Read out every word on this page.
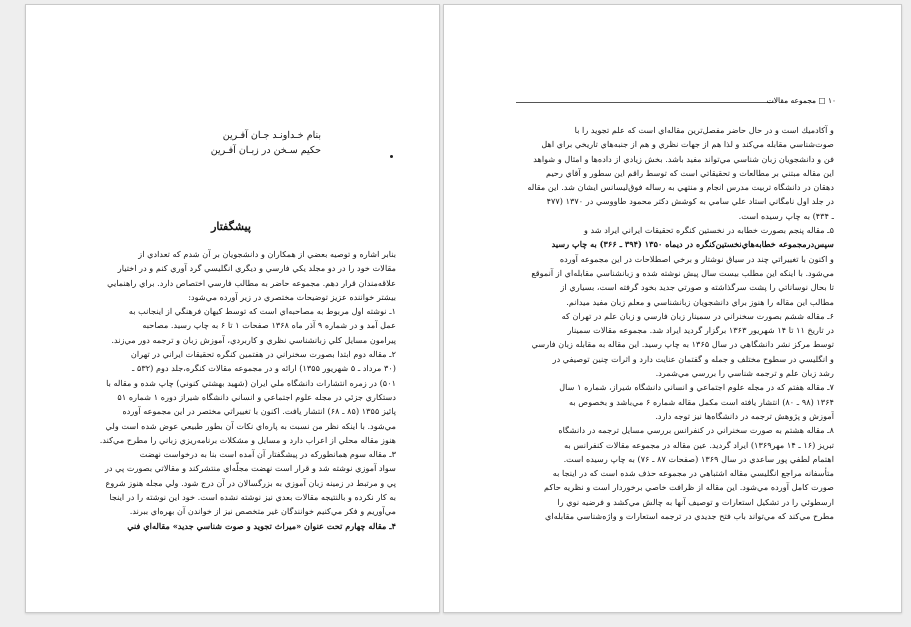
بنام خـداونـد جـان آفـرين
حكيم سـخن در زبـان آفـرين
پيشگفتار
بنابر اشاره و توصيه بعضي از همكاران و دانشجويان بر آن شدم كه تعدادي از
مقالات خود را در دو مجلد يكي فارسي و ديگري انگليسي گرد آوري كنم و در اختيار
علاقه‌مندان قرار دهم. مجموعه حاضر به مطالب فارسي اختصاص دارد. براي راهنمايي
بيشتر خواننده عزيز توضيحات مختصري در زير آورده مي‌شود:
۱ـ نوشته اول مربوط به مصاحبه‌اي است كه توسط كيهان فرهنگي از اينجانب به
عمل آمد و در شماره ۹ آذر ماه ۱۳۶۸ صفحات ۱ تا ۶ به چاپ رسيد. مصاحبه
پيرامون مسايل كلي زبانشناسي نظري و كاربردي، آموزش زبان و ترجمه دور مي‌زند.
۲ـ مقاله دوم ابتدا بصورت سخنراني در هفتمين كنگره تحقيقات ايراني در تهران
(۳۰ مرداد ـ ۵ شهريور ۱۳۵۵) ارائه و در مجموعه مقالات كنگره،جلد دوم (۵۳۲ ـ
۵۰۱) در زمره انتشارات دانشگاه ملي ايران (شهيد بهشتي كنوني) چاپ شده و مقاله با
دستكاري جزئي در مجله علوم اجتماعي و انساني دانشگاه شيراز دوره ۱ شماره ۵۱
پائيز ۱۳۵۵ (۸۵ ـ ۶۸) انتشار يافت. اكنون با تغييراتي مختصر در اين مجموعه آورده
مي‌شود. با اينكه نظر من نسبت به پاره‌اي نكات آن بطور طبيعي عوض شده است ولي
هنوز مقاله محلي از اعراب دارد و مسايل و مشكلات برنامه‌ريزي زباني را مطرح مي‌كند.
۳ـ مقاله سوم همانطوركه در پيشگفتار آن آمده است بنا به درخواست نهضت
سواد آموزي نوشته شد و قرار است نهضت مجلّه‌اي منتشركند و مقالاتي بصورت پي در
پي و مرتبط در زمينه زبان آموزي به بزرگسالان در آن درج شود. ولي مجله هنوز شروع
به كار نكرده و بالنتيجه مقالات بعدي نيز نوشته نشده است. خود اين نوشته را در اينجا
مي‌آوريم و فكر مي‌كنيم خوانندگان غير متخصص نيز از خواندن آن بهره‌اي ببرند.
۴ـ مقاله چهارم تحت عنوان «ميراث تجويد و صوت شناسي جديد» مقاله‌اي فني
۱۰ □ مجموعه مقالات
و آكادميك است و در حال حاضر مفصل‌ترين مقاله‌اي است كه علم تجويد را با
صوت‌شناسي مقابله مي‌كند و لذا هم از جهات نظري و هم از جنبه‌هاي تاريخي براي اهل
فن و دانشجويان زبان شناسي مي‌تواند مفيد باشد. بخش زيادي از داده‌ها و امثال و شواهد
اين مقاله مبتني بر مطالعات و تحقيقاتي است كه توسط راقم اين سطور و آقاي رحيم
دهقان در دانشگاه تربيت مدرس انجام و منتهي به رساله فوق‌ليسانس ايشان شد. اين مقاله
در جلد اول نامگاني استاد علي سامي به كوشش دكتر محمود طاووسي در ۱۳۷۰ (۴۷۷
ـ ۴۳۴) به چاپ رسيده است.
۵ـ مقاله پنجم بصورت خطابه در نخستين كنگره تحقيقات ايراني ايراد شد و
سپس‌درمجموعه خطابه‌هاي‌نخستين‌كنگره در ديماه ۱۳۵۰ (۳۹۴ ـ ۳۶۶) به چاپ رسيد
و اكنون با تغييراتي چند در سياق نوشتار و برخي اصطلاحات در اين مجموعه آورده
مي‌شود. با اينكه اين مطلب بيست سال پيش نوشته شده و زبانشناسي مقابله‌اي از آنموقع
تا بحال نوساناتي را پشت سرگذاشته و صورتي جديد بخود گرفته است، بسياري از
مطالب اين مقاله را هنوز براي دانشجويان زبانشناسي و معلم زبان مفيد ميدانم.
۶ـ مقاله ششم بصورت سخنراني در سمينار زبان فارسي و زبان علم در تهران كه
در تاريخ ۱۱ تا ۱۴ شهريور ۱۳۶۳ برگزار گرديد ايراد شد. مجموعه مقالات سمينار
توسط مركز نشر دانشگاهي در سال ۱۳۶۵ به چاپ رسيد. اين مقاله به مقابله زبان فارسي
و انگليسي در سطوح مختلف و جمله و گفتمان عنايت دارد و اثرات چنين توصيفي در
رشد زبان علم و ترجمه شناسي را بررسي مي‌شمرد.
۷ـ مقاله هفتم كه در مجله علوم اجتماعي و انساني دانشگاه شيراز، شماره ۱ سال
۱۳۶۴ (۹۸ ـ ۸۰) انتشار يافته است مكمل مقاله شماره ۶ مي‌باشد و بخصوص به
آموزش و پژوهش ترجمه در دانشگاه‌ها نيز توجه دارد.
۸ـ مقاله هشتم به صورت سخنراني در كنفرانس بررسي مسايل ترجمه در دانشگاه
تبريز (۱۶ ـ ۱۴ مهر۱۳۶۹) ايراد گرديد. عين مقاله در مجموعه مقالات كنفرانس به
اهتمام لطفي پور ساعدي در سال ۱۳۶۹ (صفحات ۸۷ ـ ۷۶) به چاپ رسيده است.
متأسفانه مراجع انگليسي مقاله اشتباهي در مجموعه حذف شده است كه در اينجا به
صورت كامل آورده مي‌شود. اين مقاله از ظرافت خاصي برخوردار است و نظريه حاكم
ارسطوئي را در تشكيل استعارات و توصيف آنها به چالش مي‌كشد و فرضيه نوي را
مطرح مي‌كند كه مي‌تواند باب فتح جديدي در ترجمه استعارات و واژه‌شناسي مقابله‌اي
